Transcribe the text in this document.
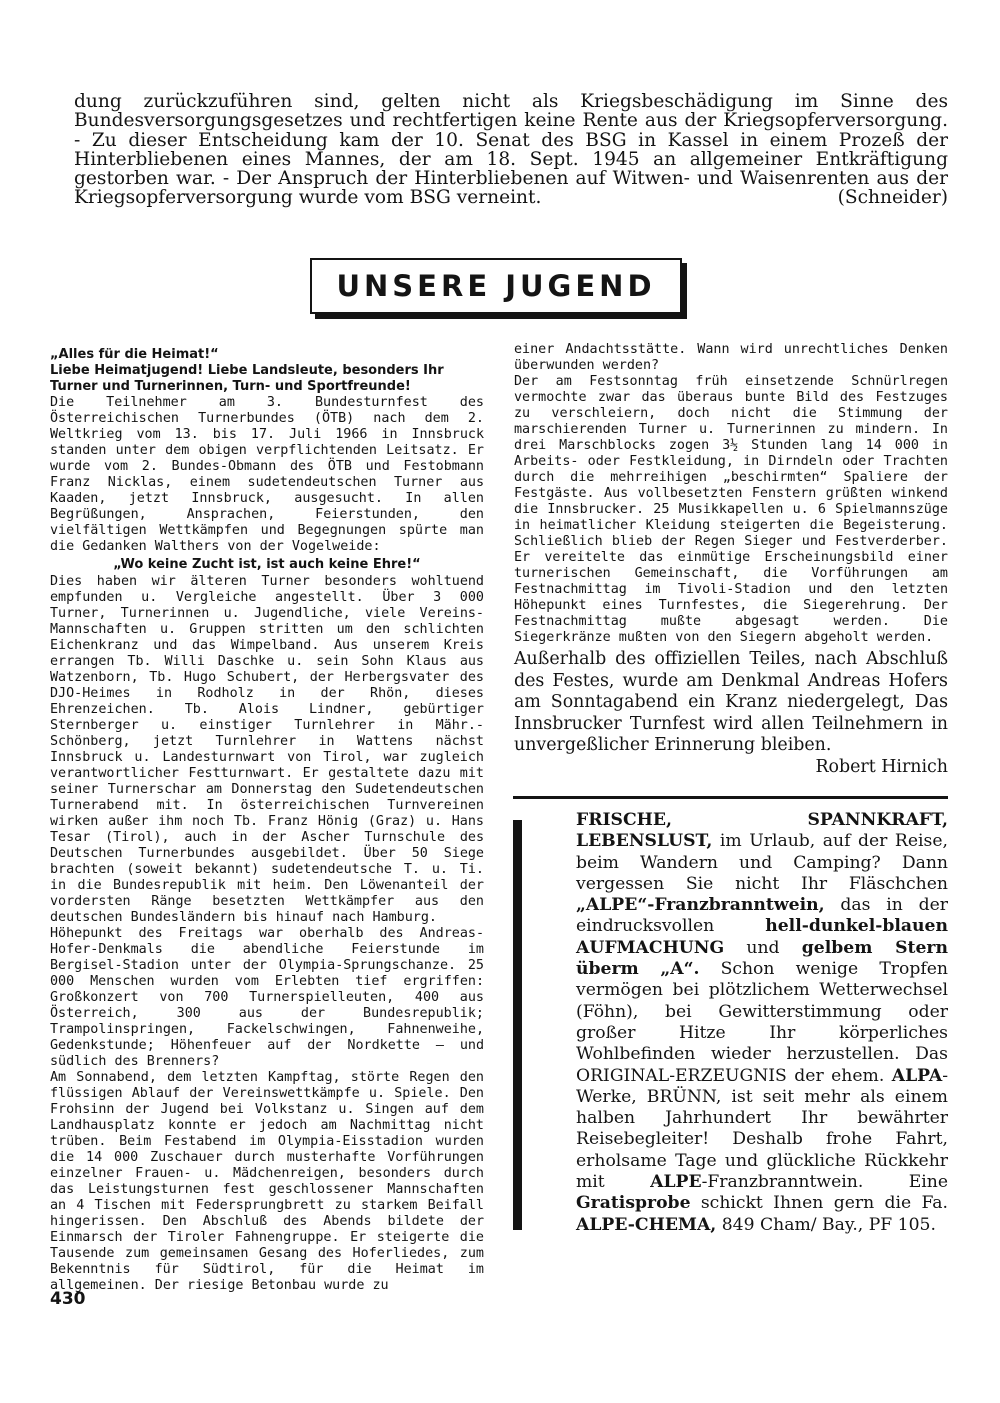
dung zurückzuführen sind, gelten nicht als Kriegsbeschädigung im Sinne des Bundesversorgungsgesetzes und rechtfertigen keine Rente aus der Kriegsopferversorgung. - Zu dieser Entscheidung kam der 10. Senat des BSG in Kassel in einem Prozeß der Hinterbliebenen eines Mannes, der am 18. Sept. 1945 an allgemeiner Entkräftigung gestorben war. - Der Anspruch der Hinterbliebenen auf Witwen- und Waisenrenten aus der Kriegsopferversorgung wurde vom BSG verneint.	(Schneider)

UNSERE JUGEND

„Alles für die Heimat!“

Liebe Heimatjugend! Liebe Landsleute, besonders Ihr Turner und Turnerinnen, Turn- und Sportfreunde!

Die Teilnehmer am 3. Bundesturnfest des Österreichischen Turnerbundes (ÖTB) nach dem 2. Weltkrieg vom 13. bis 17. Juli 1966 in Innsbruck standen unter dem obigen verpflichtenden Leitsatz. Er wurde vom 2. Bundes-Obmann des ÖTB und Festobmann Franz Nicklas, einem sudetendeutschen Turner aus Kaaden, jetzt Innsbruck, ausgesucht. In allen Begrüßungen, Ansprachen, Feierstunden, den vielfältigen Wettkämpfen und Begegnungen spürte man die Gedanken Walthers von der Vogelweide:

„Wo keine Zucht ist, ist auch keine Ehre!“

Dies haben wir älteren Turner besonders wohltuend empfunden u. Vergleiche angestellt. Über 3 000 Turner, Turnerinnen u. Jugendliche, viele Vereins-Mannschaften u. Gruppen stritten um den schlichten Eichenkranz und das Wimpelband. Aus unserem Kreis errangen Tb. Willi Daschke u. sein Sohn Klaus aus Watzenborn, Tb. Hugo Schubert, der Herbergsvater des DJO-Heimes in Rodholz in der Rhön, dieses Ehrenzeichen. Tb. Alois Lindner, gebürtiger Sternberger u. einstiger Turnlehrer in Mähr.-Schönberg, jetzt Turnlehrer in Wattens nächst Innsbruck u. Landesturnwart von Tirol, war zugleich verantwortlicher Festturnwart. Er gestaltete dazu mit seiner Turnerschar am Donnerstag den Sudetendeutschen Turnerabend mit. In österreichischen Turnvereinen wirken außer ihm noch Tb. Franz Hönig (Graz) u. Hans Tesar (Tirol), auch in der Ascher Turnschule des Deutschen Turnerbundes ausgebildet. Über 50 Siege brachten (soweit bekannt) sudetendeutsche T. u. Ti. in die Bundesrepublik mit heim. Den Löwenanteil der vordersten Ränge besetzten Wettkämpfer aus den deutschen Bundesländern bis hinauf nach Hamburg.

Höhepunkt des Freitags war oberhalb des Andreas-Hofer-Denkmals die abendliche Feierstunde im Bergisel-Stadion unter der Olympia-Sprungschanze. 25 000 Menschen wurden vom Erlebten tief ergriffen: Großkonzert von 700 Turnerspielleuten, 400 aus Österreich, 300 aus der Bundesrepublik; Trampolinspringen, Fackelschwingen, Fahnenweihe, Gedenkstunde; Höhenfeuer auf der Nordkette — und südlich des Brenners?

Am Sonnabend, dem letzten Kampftag, störte Regen den flüssigen Ablauf der Vereinswettkämpfe u. Spiele. Den Frohsinn der Jugend bei Volkstanz u. Singen auf dem Landhausplatz konnte er jedoch am Nachmittag nicht trüben. Beim Festabend im Olympia-Eisstadion wurden die 14 000 Zuschauer durch musterhafte Vorführungen einzelner Frauen- u. Mädchenreigen, besonders durch das Leistungsturnen fest geschlossener Mannschaften an 4 Tischen mit Federsprungbrett zu starkem Beifall hingerissen. Den Abschluß des Abends bildete der Einmarsch der Tiroler Fahnengruppe. Er steigerte die Tausende zum gemeinsamen Gesang des Hoferliedes, zum Bekenntnis für Südtirol, für die Heimat im allgemeinen. Der riesige Betonbau wurde zu

einer Andachtsstätte. Wann wird unrechtliches Denken überwunden werden?

Der am Festsonntag früh einsetzende Schnürlregen vermochte zwar das überaus bunte Bild des Festzuges zu verschleiern, doch nicht die Stimmung der marschierenden Turner u. Turnerinnen zu mindern. In drei Marschblocks zogen 3½ Stunden lang 14 000 in Arbeits- oder Festkleidung, in Dirndeln oder Trachten durch die mehrreihigen „beschirmten“ Spaliere der Festgäste. Aus vollbesetzten Fenstern grüßten winkend die Innsbrucker. 25 Musikkapellen u. 6 Spielmannszüge in heimatlicher Kleidung steigerten die Begeisterung. Schließlich blieb der Regen Sieger und Festverderber. Er vereitelte das einmütige Erscheinungsbild einer turnerischen Gemeinschaft, die Vorführungen am Festnachmittag im Tivoli-Stadion und den letzten Höhepunkt eines Turnfestes, die Siegerehrung. Der Festnachmittag mußte abgesagt werden. Die Siegerkränze mußten von den Siegern abgeholt werden.

Außerhalb des offiziellen Teiles, nach Abschluß des Festes, wurde am Denkmal Andreas Hofers am Sonntagabend ein Kranz niedergelegt, Das Innsbrucker Turnfest wird allen Teilnehmern in unvergeßlicher Erinnerung bleiben.
Robert Hirnich

FRISCHE, SPANNKRAFT, LEBENSLUST, im Urlaub, auf der Reise, beim Wandern und Camping? Dann vergessen Sie nicht Ihr Fläschchen „ALPE“-Franzbranntwein, das in der eindrucksvollen hell-dunkel-blauen AUFMACHUNG und gelbem Stern überm „A“. Schon wenige Tropfen vermögen bei plötzlichem Wetterwechsel (Föhn), bei Gewitterstimmung oder großer Hitze Ihr körperliches Wohlbefinden wieder herzustellen. Das ORIGINAL-ERZEUGNIS der ehem. ALPA-Werke, BRÜNN, ist seit mehr als einem halben Jahrhundert Ihr bewährter Reisebegleiter! Deshalb frohe Fahrt, erholsame Tage und glückliche Rückkehr mit ALPE-Franzbranntwein. Eine Gratisprobe schickt Ihnen gern die Fa. ALPE-CHEMA, 849 Cham/ Bay., PF 105.
430
